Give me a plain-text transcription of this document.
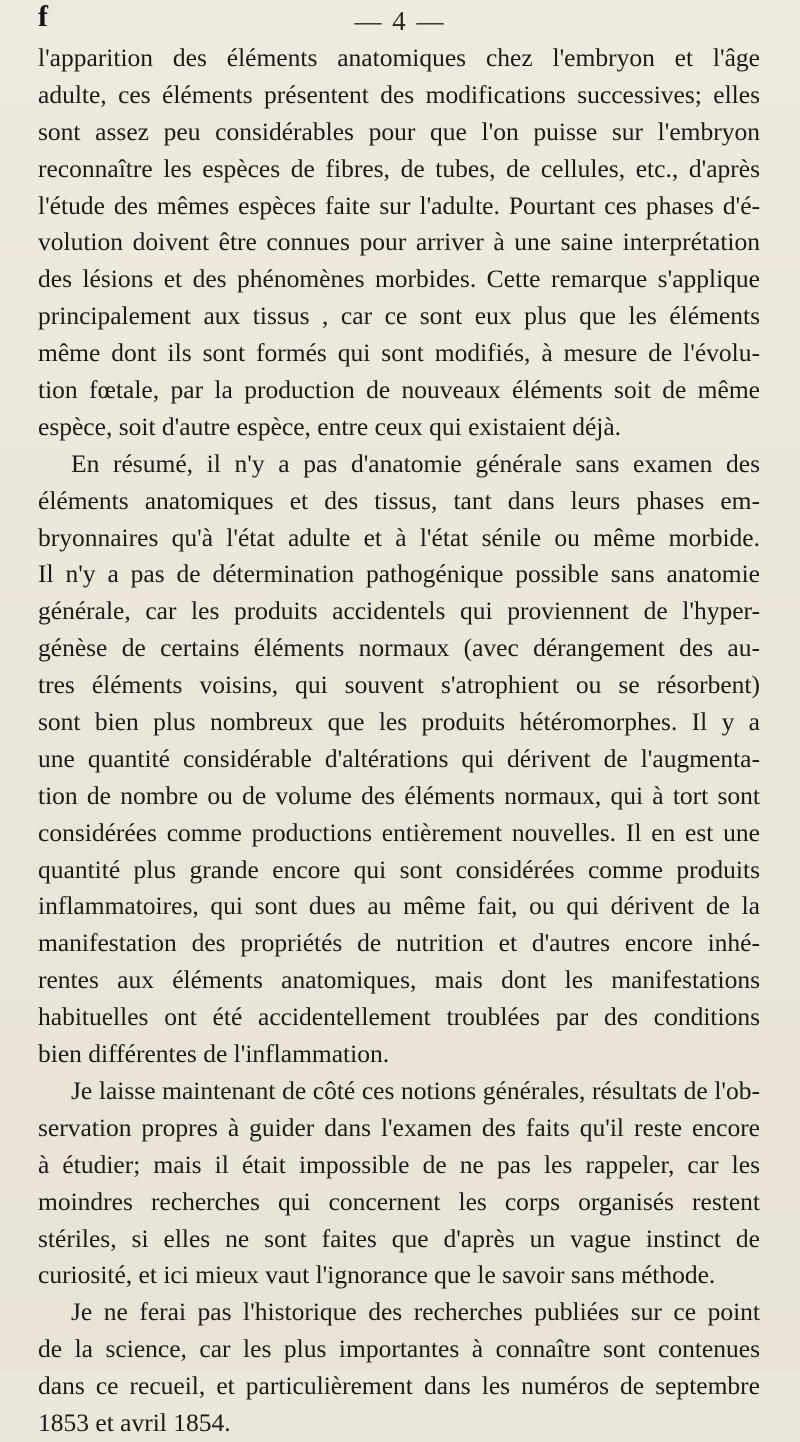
f	— 4 —
l'apparition des éléments anatomiques chez l'embryon et l'âge
adulte, ces éléments présentent des modifications successives; elles
sont assez peu considérables pour que l'on puisse sur l'embryon
reconnaître les espèces de fibres, de tubes, de cellules, etc., d'après
l'étude des mêmes espèces faite sur l'adulte. Pourtant ces phases d'é-
volution doivent être connues pour arriver à une saine interprétation
des lésions et des phénomènes morbides. Cette remarque s'applique
principalement aux tissus , car ce sont eux plus que les éléments
même dont ils sont formés qui sont modifiés, à mesure de l'évolu-
tion fœtale, par la production de nouveaux éléments soit de même
espèce, soit d'autre espèce, entre ceux qui existaient déjà.
En résumé, il n'y a pas d'anatomie générale sans examen des
éléments anatomiques et des tissus, tant dans leurs phases em-
bryonnaires qu'à l'état adulte et à l'état sénile ou même morbide.
Il n'y a pas de détermination pathogénique possible sans anatomie
générale, car les produits accidentels qui proviennent de l'hyper-
génèse de certains éléments normaux (avec dérangement des au-
tres éléments voisins, qui souvent s'atrophient ou se résorbent)
sont bien plus nombreux que les produits hétéromorphes. Il y a
une quantité considérable d'altérations qui dérivent de l'augmenta-
tion de nombre ou de volume des éléments normaux, qui à tort sont
considérées comme productions entièrement nouvelles. Il en est une
quantité plus grande encore qui sont considérées comme produits
inflammatoires, qui sont dues au même fait, ou qui dérivent de la
manifestation des propriétés de nutrition et d'autres encore inhé-
rentes aux éléments anatomiques, mais dont les manifestations
habituelles ont été accidentellement troublées par des conditions
bien différentes de l'inflammation.
Je laisse maintenant de côté ces notions générales, résultats de l'ob-
servation propres à guider dans l'examen des faits qu'il reste encore
à étudier; mais il était impossible de ne pas les rappeler, car les
moindres recherches qui concernent les corps organisés restent
stériles, si elles ne sont faites que d'après un vague instinct de
curiosité, et ici mieux vaut l'ignorance que le savoir sans méthode.
Je ne ferai pas l'historique des recherches publiées sur ce point
de la science, car les plus importantes à connaître sont contenues
dans ce recueil, et particulièrement dans les numéros de septembre
1853 et avril 1854.
